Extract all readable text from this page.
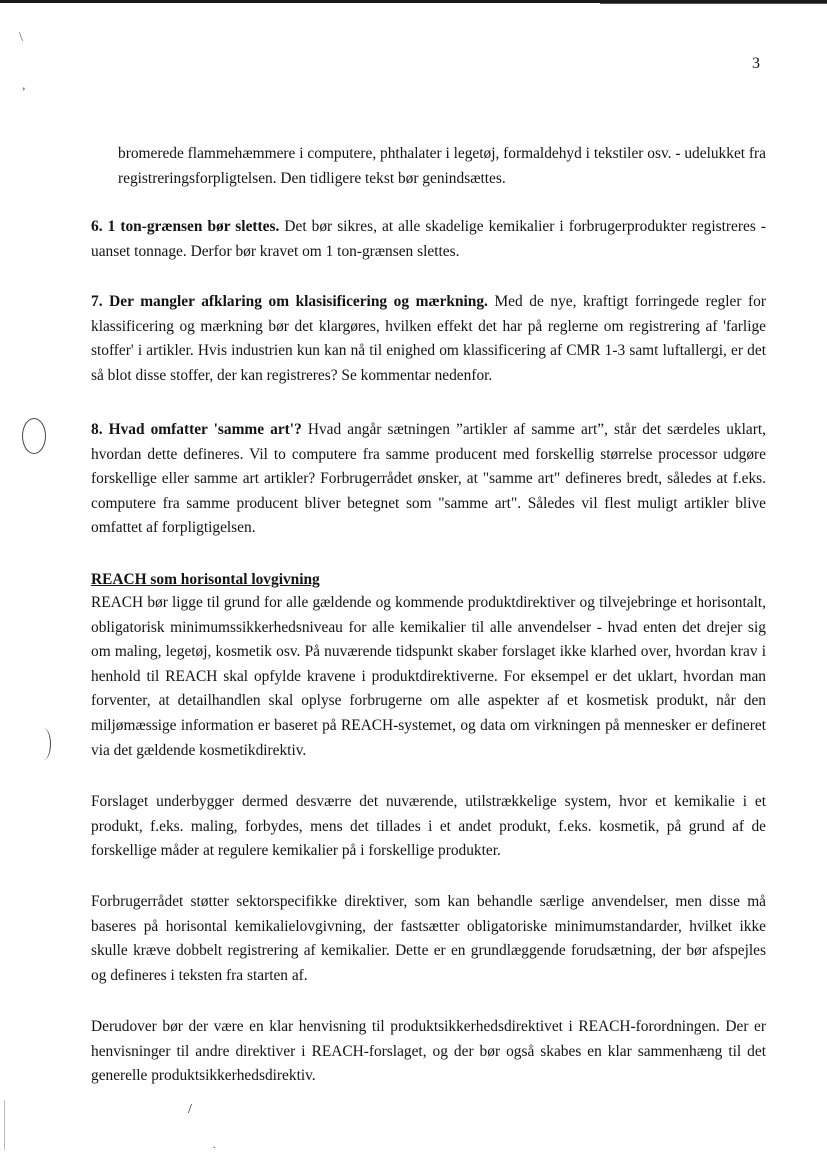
3
\
,
/
.
bromerede flammehæmmere i computere, phthalater i legetøj, formaldehyd i tekstiler osv. - udelukket fra registreringsforpligtelsen. Den tidligere tekst bør genindsættes.
6. 1 ton-grænsen bør slettes. Det bør sikres, at alle skadelige kemikalier i forbrugerprodukter registreres - uanset tonnage. Derfor bør kravet om 1 ton-grænsen slettes.
7. Der mangler afklaring om klasisificering og mærkning. Med de nye, kraftigt forringede regler for klassificering og mærkning bør det klargøres, hvilken effekt det har på reglerne om registrering af 'farlige stoffer' i artikler. Hvis industrien kun kan nå til enighed om klassificering af CMR 1-3 samt luftallergi, er det så blot disse stoffer, der kan registreres? Se kommentar nedenfor.
8. Hvad omfatter 'samme art'? Hvad angår sætningen ”artikler af samme art”, står det særdeles uklart, hvordan dette defineres. Vil to computere fra samme producent med forskellig størrelse processor udgøre forskellige eller samme art artikler? Forbrugerrådet ønsker, at "samme art" defineres bredt, således at f.eks. computere fra samme producent bliver betegnet som "samme art". Således vil flest muligt artikler blive omfattet af forpligtigelsen.
REACH som horisontal lovgivning
REACH bør ligge til grund for alle gældende og kommende produktdirektiver og tilvejebringe et horisontalt, obligatorisk minimumssikkerhedsniveau for alle kemikalier til alle anvendelser - hvad enten det drejer sig om maling, legetøj, kosmetik osv. På nuværende tidspunkt skaber forslaget ikke klarhed over, hvordan krav i henhold til REACH skal opfylde kravene i produktdirektiverne. For eksempel er det uklart, hvordan man forventer, at detailhandlen skal oplyse forbrugerne om alle aspekter af et kosmetisk produkt, når den miljømæssige information er baseret på REACH-systemet, og data om virkningen på mennesker er defineret via det gældende kosmetikdirektiv.
Forslaget underbygger dermed desværre det nuværende, utilstrækkelige system, hvor et kemikalie i et produkt, f.eks. maling, forbydes, mens det tillades i et andet produkt, f.eks. kosmetik, på grund af de forskellige måder at regulere kemikalier på i forskellige produkter.
Forbrugerrådet støtter sektorspecifikke direktiver, som kan behandle særlige anvendelser, men disse må baseres på horisontal kemikalielovgivning, der fastsætter obligatoriske minimumstandarder, hvilket ikke skulle kræve dobbelt registrering af kemikalier. Dette er en grundlæggende forudsætning, der bør afspejles og defineres i teksten fra starten af.
Derudover bør der være en klar henvisning til produktsikkerhedsdirektivet i REACH-forordningen. Der er henvisninger til andre direktiver i REACH-forslaget, og der bør også skabes en klar sammenhæng til det generelle produktsikkerhedsdirektiv.
